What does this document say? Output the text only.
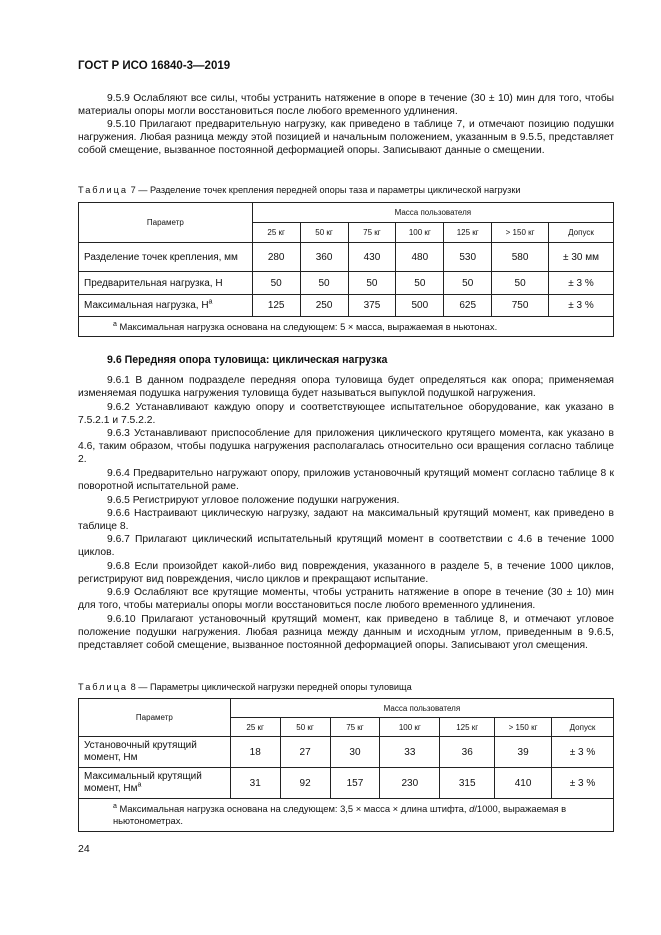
ГОСТ Р ИСО 16840-3—2019

9.5.9 Ослабляют все силы, чтобы устранить натяжение в опоре в течение (30 ± 10) мин для того, чтобы материалы опоры могли восстановиться после любого временного удлинения.

9.5.10 Прилагают предварительную нагрузку, как приведено в таблице 7, и отмечают позицию подушки нагружения. Любая разница между этой позицией и начальным положением, указанным в 9.5.5, представляет собой смещение, вызванное постоянной деформацией опоры. Записывают данные о смещении.

Таблица 7 — Разделение точек крепления передней опоры таза и параметры циклической нагрузки
Параметр	Масса пользователя						
	25 кг	50 кг	75 кг	100 кг	125 кг	> 150 кг	Допуск
Разделение точек крепления, мм	280	360	430	480	530	580	± 30 мм
Предварительная нагрузка, Н	50	50	50	50	50	50	± 3 %
Максимальная нагрузка, $Н^а$	125	250	375	500	625	750	± 3 %
$^а$ Максимальная нагрузка основана на следующем: 5 × масса, выражаемая в ньютонах.							
9.6 Передняя опора туловища: циклическая нагрузка

9.6.1 В данном подразделе передняя опора туловища будет определяться как опора; применяемая изменяемая подушка нагружения туловища будет называться выпуклой подушкой нагружения.

9.6.2 Устанавливают каждую опору и соответствующее испытательное оборудование, как указано в 7.5.2.1 и 7.5.2.2.

9.6.3 Устанавливают приспособление для приложения циклического крутящего момента, как указано в 4.6, таким образом, чтобы подушка нагружения располагалась относительно оси вращения согласно таблице 2.

9.6.4 Предварительно нагружают опору, приложив установочный крутящий момент согласно таблице 8 к поворотной испытательной раме.

9.6.5 Регистрируют угловое положение подушки нагружения.

9.6.6 Настраивают циклическую нагрузку, задают на максимальный крутящий момент, как приведено в таблице 8.

9.6.7 Прилагают циклический испытательный крутящий момент в соответствии с 4.6 в течение 1000 циклов.

9.6.8 Если произойдет какой-либо вид повреждения, указанного в разделе 5, в течение 1000 циклов, регистрируют вид повреждения, число циклов и прекращают испытание.

9.6.9 Ослабляют все крутящие моменты, чтобы устранить натяжение в опоре в течение (30 ± 10) мин для того, чтобы материалы опоры могли восстановиться после любого временного удлинения.

9.6.10 Прилагают установочный крутящий момент, как приведено в таблице 8, и отмечают угловое положение подушки нагружения. Любая разница между данным и исходным углом, приведенным в 9.6.5, представляет собой смещение, вызванное постоянной деформацией опоры. Записывают угол смещения.

Таблица 8 — Параметры циклической нагрузки передней опоры туловища
Параметр	Масса пользователя						
	25 кг	50 кг	75 кг	100 кг	125 кг	> 150 кг	Допуск
Установочный крутящий
момент, Нм	18	27	30	33	36	39	± 3 %
Максимальный крутящий
момент, $Нм^а$	31	92	157	230	315	410	± 3 %
$^а$ Максимальная нагрузка основана на следующем: 3,5 × масса × длина штифта, d/1000, выражаемая в ньютонометрах.							
24
